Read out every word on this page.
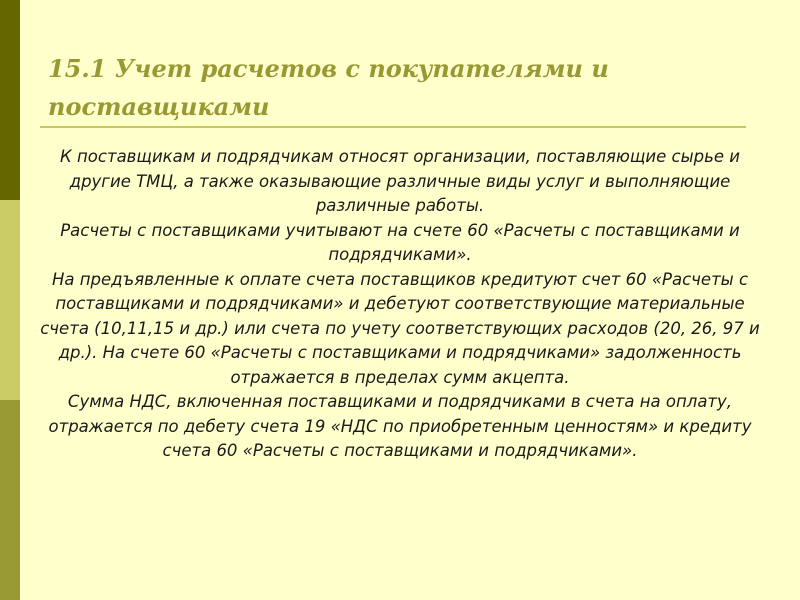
15.1 Учет расчетов с покупателями и
поставщиками

К поставщикам и подрядчикам относят организации, поставляющие сырье и другие ТМЦ, а также оказывающие различные виды услуг и выполняющие различные работы.

Расчеты с поставщиками учитывают на счете 60 «Расчеты с поставщиками и подрядчиками».

На предъявленные к оплате счета поставщиков кредитуют счет 60 «Расчеты с поставщиками и подрядчиками» и дебетуют соответствующие материальные счета (10,11,15 и др.) или счета по учету соответствующих расходов (20, 26, 97 и др.). На счете 60 «Расчеты с поставщиками и подрядчиками» задолженность отражается в пределах сумм акцепта.

Сумма НДС, включенная поставщиками и подрядчиками в счета на оплату, отражается по дебету счета 19 «НДС по приобретенным ценностям» и кредиту счета 60 «Расчеты с поставщиками и подрядчиками».
